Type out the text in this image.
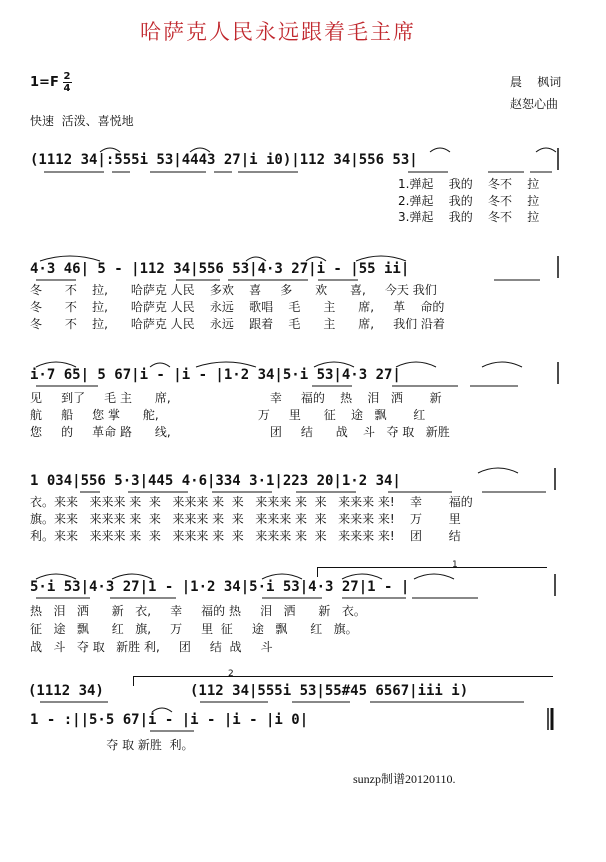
哈萨克人民永远跟着毛主席
1=F 2
4	晨    枫词
赵恕心曲
快速  活泼、喜悦地
(1112 34|:555i 53|4443 27|i i0)|112 34|556 53|
1.弹起    我的    冬不    拉
2.弹起    我的    冬不    拉
3.弹起    我的    冬不    拉
4·3 46| 5 - |112 34|556 53|4·3 27|i - |55 ii|
冬      不    拉,      哈萨克 人民    多欢    喜     多      欢      喜,     今天 我们
冬      不    拉,      哈萨克 人民    永远    歌唱    毛      主      席,     革    命的
冬      不    拉,      哈萨克 人民    永远    跟着    毛      主      席,     我们 沿着
i·7 65| 5 67|i - |i - |1·2 34|5·i 53|4·3 27|
见     到了     毛 主      席,                          幸     福的    热    泪   洒       新
航     船     您 掌      舵,                          万     里      征    途   飘       红
您     的     革命 路      线,                          团     结      战    斗   夺 取   新胜
1 034|556 5·3|445 4·6|334 3·1|223 20|1·2 34|
衣。来来   来来来 来  来   来来来 来  来   来来来 来  来   来来来 来!    幸       福的
旗。来来   来来来 来  来   来来来 来  来   来来来 来  来   来来来 来!    万       里
利。来来   来来来 来  来   来来来 来  来   来来来 来  来   来来来 来!    团       结
1
5·i 53|4·3 27|1 - |1·2 34|5·i 53|4·3 27|1 - |
热   泪   洒      新   衣,     幸     福的 热     泪   洒      新   衣。
征   途   飘      红   旗,     万     里  征     途   飘      红   旗。
战   斗   夺 取   新胜 利,     团     结  战     斗
(1112 34)
2
(112 34|555i 53|55#45 6567|iii i)
1 - :||5·5 67|i - |i - |i - |i 0|
夺 取 新胜  利。
sunzp制谱20120110.
